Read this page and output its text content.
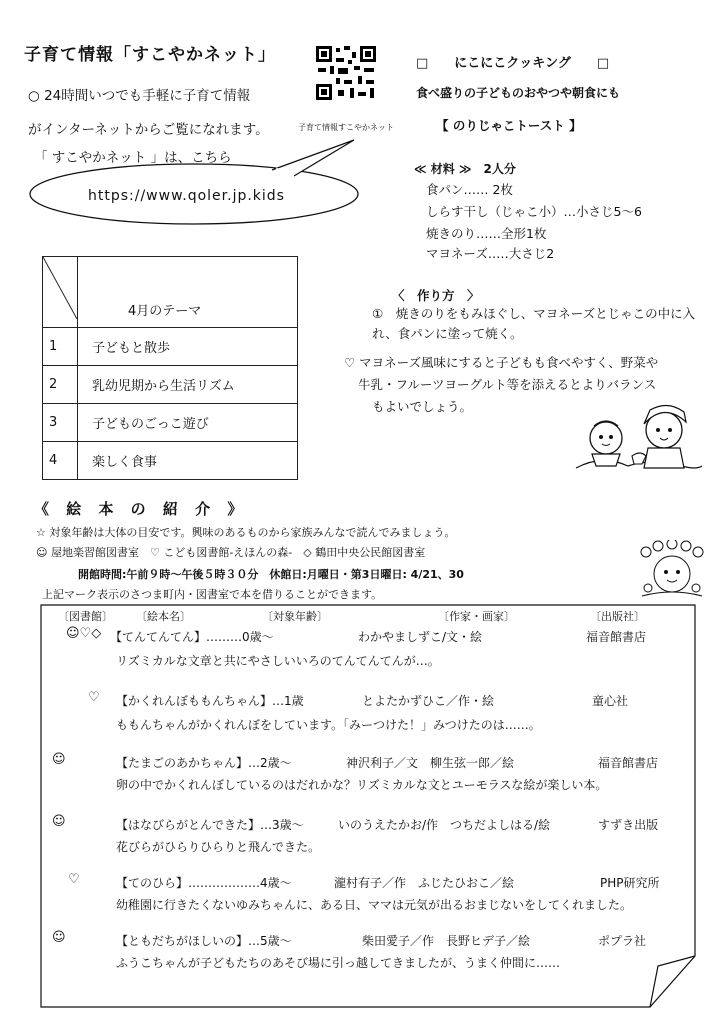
子育て情報「すこやかネット」
○ 24時間いつでも手軽に子育て情報
がインターネットからご覧になれます。	子育て情報すこやかネット
「 すこやかネット 」は、こちら
https://www.qoler.jp.kids
□　　にこにこクッキング　　□
食べ盛りの子どものおやつや朝食にも
【 のりじゃこトースト 】
≪ 材料 ≫　2人分
食パン…… 2枚
しらす干し（じゃこ小）…小さじ5～6
焼きのり……全形1枚
マヨネーズ…‥大さじ2
〈　作り方　〉
①　焼きのりをもみほぐし、マヨネーズとじゃこの中に入れ、食パンに塗って焼く。
♡ マヨネーズ風味にすると子どもも食べやすく、野菜や
牛乳・フルーツヨーグルト等を添えるとよりバランス
もよいでしょう。
	4月のテーマ
1	子どもと散歩
2	乳幼児期から生活リズム
3	子どものごっこ遊び
4	楽しく食事
《 絵 本 の 紹 介 》
☆ 対象年齢は大体の目安です。興味のあるものから家族みんなで読んでみましょう。
☺ 屋地楽習館図書室　♡ こども図書館-えほんの森-　◇ 鶴田中央公民館図書室
開館時間:午前９時～午後５時３０分　休館日:月曜日・第3日曜日: 4/21、30
上記マーク表示のさつま町内・図書室で本を借りることができます。
〔図書館〕 〔絵本名〕	〔対象年齢〕	〔作家・画家〕	〔出版社〕
☺♡◇ 【てんてんてん】………0歳～	わかやましずこ/文・絵	福音館書店
リズミカルな文章と共にやさしいいろのてんてんてんが…。
♡ 【かくれんぼももんちゃん】…1歳	とよたかずひこ／作・絵	童心社
ももんちゃんがかくれんぼをしています。「みーつけた！」みつけたのは……。
☺	【たまごのあかちゃん】…2歳～	神沢利子／文　柳生弦一郎／絵	福音館書店
卵の中でかくれんぼしているのはだれかな？リズミカルな文とユーモラスな絵が楽しい本。
☺	【はなびらがとんできた】…3歳～	いのうえたかお/作　つちだよしはる/絵	すずき出版
花びらがひらりひらりと飛んできた。
♡	【てのひら】………………4歳～	瀧村有子／作　ふじたひおこ／絵	PHP研究所
幼稚園に行きたくないゆみちゃんに、ある日、ママは元気が出るおまじないをしてくれました。
☺	【ともだちがほしいの】…5歳～	柴田愛子／作　長野ヒデ子／絵	ポプラ社
ふうこちゃんが子どもたちのあそび場に引っ越してきましたが、うまく仲間に……
